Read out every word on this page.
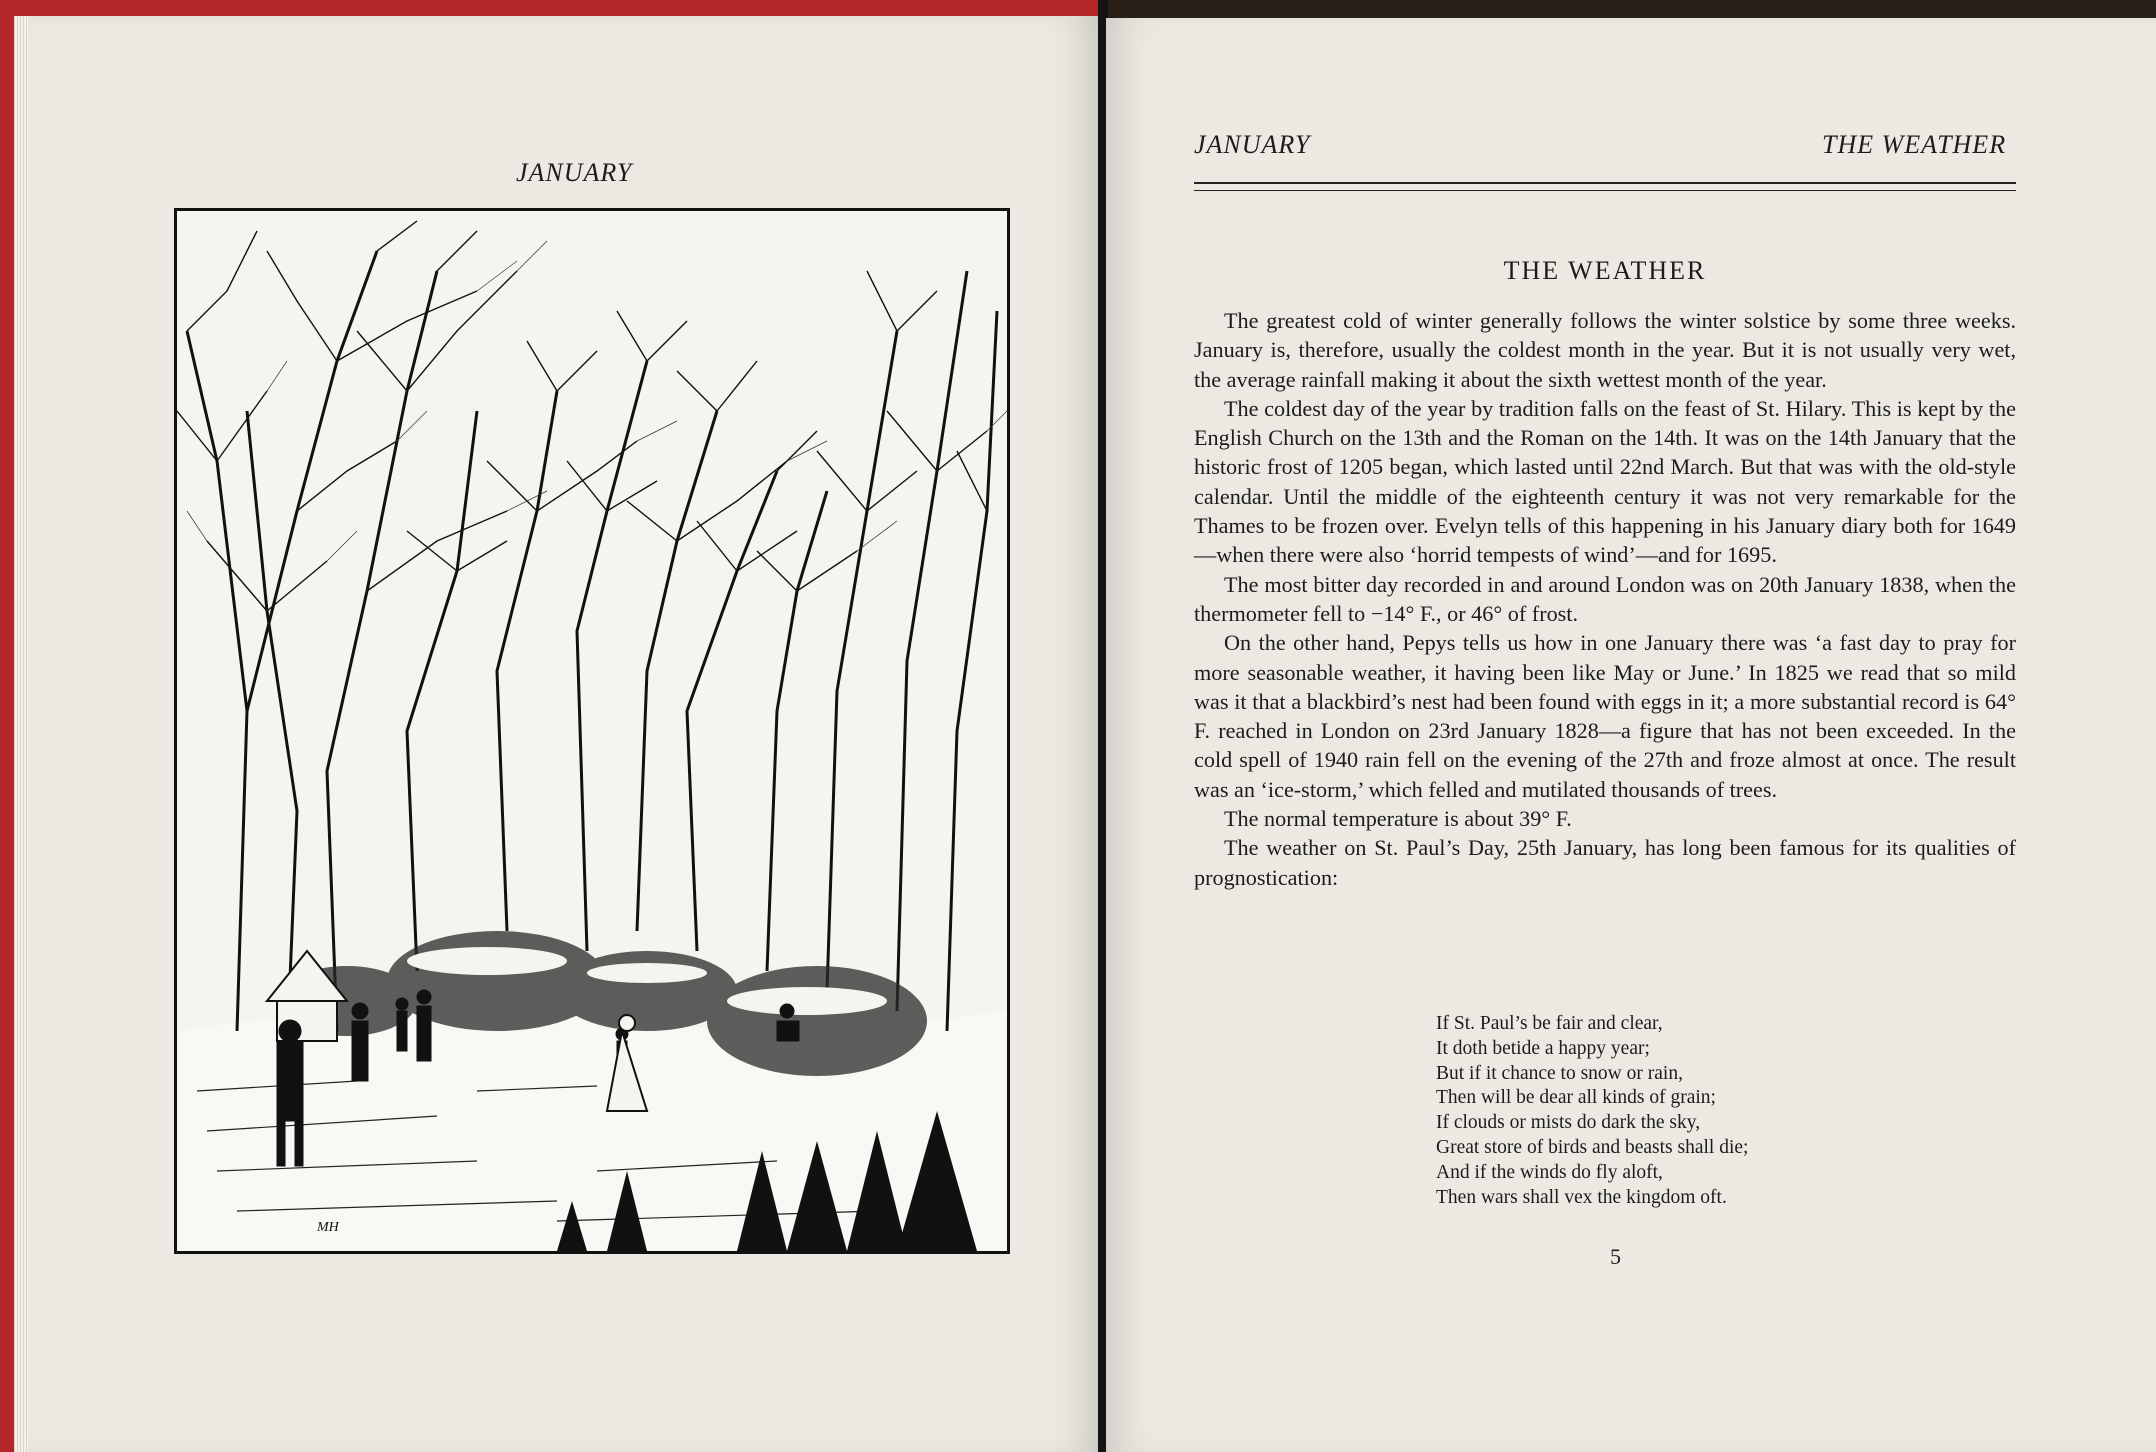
JANUARY
MH
JANUARY	THE WEATHER
THE WEATHER

The greatest cold of winter generally follows the winter solstice by some three weeks. January is, therefore, usually the coldest month in the year. But it is not usually very wet, the average rainfall making it about the sixth wettest month of the year.

The coldest day of the year by tradition falls on the feast of St. Hilary. This is kept by the English Church on the 13th and the Roman on the 14th. It was on the 14th January that the historic frost of 1205 began, which lasted until 22nd March. But that was with the old-style calendar. Until the middle of the eighteenth century it was not very remarkable for the Thames to be frozen over. Evelyn tells of this happening in his January diary both for 1649—when there were also ‘horrid tempests of wind’—and for 1695.

The most bitter day recorded in and around London was on 20th January 1838, when the thermometer fell to −14° F., or 46° of frost.

On the other hand, Pepys tells us how in one January there was ‘a fast day to pray for more seasonable weather, it having been like May or June.’ In 1825 we read that so mild was it that a blackbird’s nest had been found with eggs in it; a more substantial record is 64° F. reached in London on 23rd January 1828—a figure that has not been exceeded. In the cold spell of 1940 rain fell on the evening of the 27th and froze almost at once. The result was an ‘ice-storm,’ which felled and mutilated thousands of trees.

The normal temperature is about 39° F.

The weather on St. Paul’s Day, 25th January, has long been famous for its qualities of prognostication:

If St. Paul’s be fair and clear,
It doth betide a happy year;
But if it chance to snow or rain,
Then will be dear all kinds of grain;
If clouds or mists do dark the sky,
Great store of birds and beasts shall die;
And if the winds do fly aloft,
Then wars shall vex the kingdom oft.
5
